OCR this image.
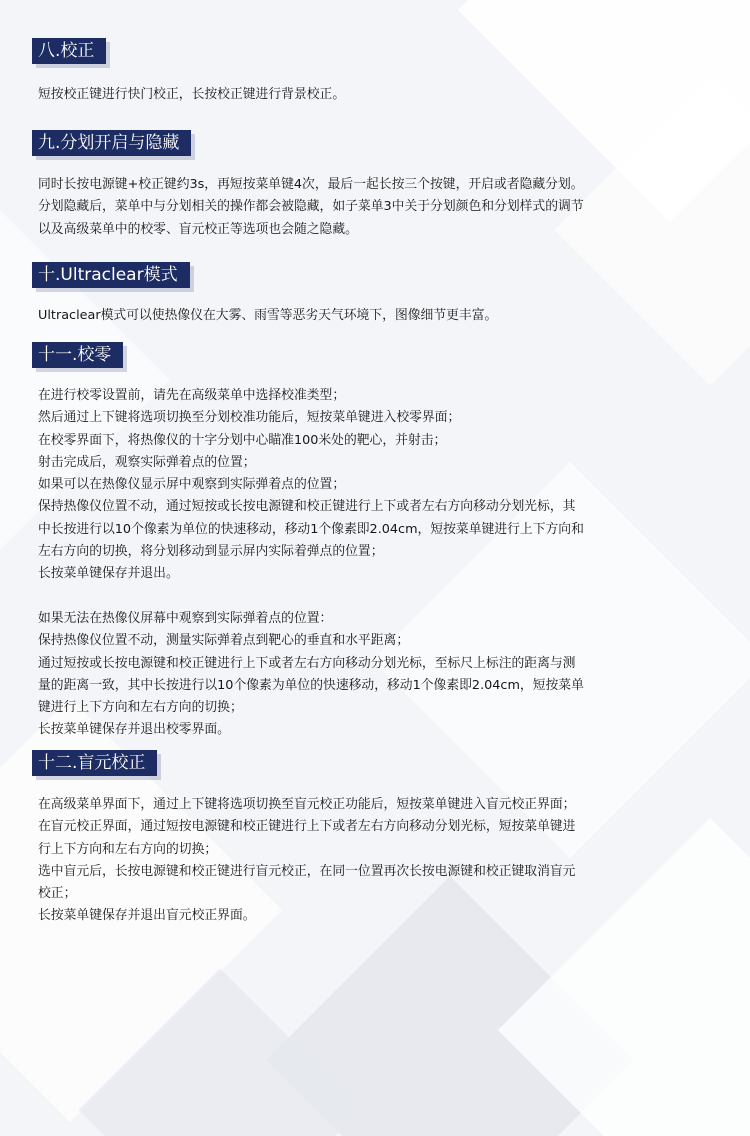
八.校正
短按校正键进行快门校正，长按校正键进行背景校正。
九.分划开启与隐藏
同时长按电源键+校正键约3s，再短按菜单键4次，最后一起长按三个按键，开启或者隐藏分划。
分划隐藏后，菜单中与分划相关的操作都会被隐藏，如子菜单3中关于分划颜色和分划样式的调节
以及高级菜单中的校零、盲元校正等选项也会随之隐藏。
十.Ultraclear模式
Ultraclear模式可以使热像仪在大雾、雨雪等恶劣天气环境下，图像细节更丰富。
十一.校零
在进行校零设置前，请先在高级菜单中选择校准类型；
然后通过上下键将选项切换至分划校准功能后，短按菜单键进入校零界面；
在校零界面下，将热像仪的十字分划中心瞄准100米处的靶心，并射击；
射击完成后，观察实际弹着点的位置；
如果可以在热像仪显示屏中观察到实际弹着点的位置；
保持热像仪位置不动，通过短按或长按电源键和校正键进行上下或者左右方向移动分划光标，其
中长按进行以10个像素为单位的快速移动，移动1个像素即2.04cm，短按菜单键进行上下方向和
左右方向的切换，将分划移动到显示屏内实际着弹点的位置；
长按菜单键保存并退出。
如果无法在热像仪屏幕中观察到实际弹着点的位置：
保持热像仪位置不动，测量实际弹着点到靶心的垂直和水平距离；
通过短按或长按电源键和校正键进行上下或者左右方向移动分划光标，至标尺上标注的距离与测
量的距离一致，其中长按进行以10个像素为单位的快速移动，移动1个像素即2.04cm，短按菜单
键进行上下方向和左右方向的切换；
长按菜单键保存并退出校零界面。
十二.盲元校正
在高级菜单界面下，通过上下键将选项切换至盲元校正功能后，短按菜单键进入盲元校正界面；
在盲元校正界面，通过短按电源键和校正键进行上下或者左右方向移动分划光标，短按菜单键进
行上下方向和左右方向的切换；
选中盲元后，长按电源键和校正键进行盲元校正，在同一位置再次长按电源键和校正键取消盲元
校正；
长按菜单键保存并退出盲元校正界面。
